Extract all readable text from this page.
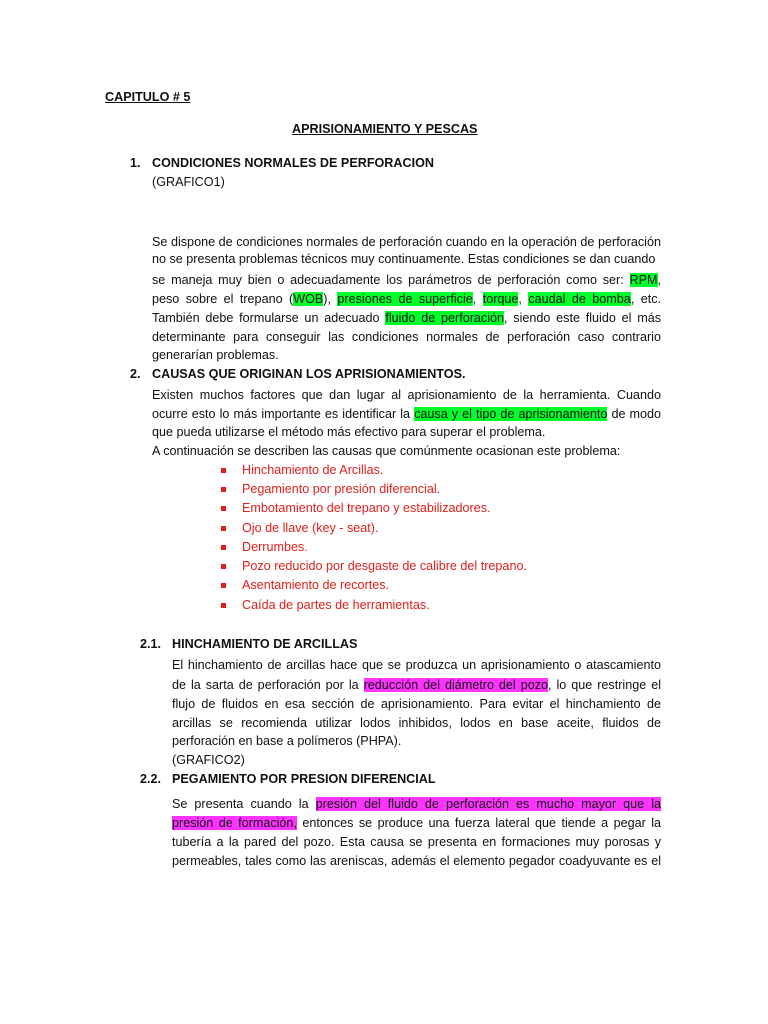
CAPITULO # 5
APRISIONAMIENTO Y PESCAS
1. CONDICIONES NORMALES DE PERFORACION
(GRAFICO1)
Se dispone de condiciones normales de perforación cuando en la operación de perforación
no se presenta problemas técnicos muy continuamente. Estas condiciones se dan cuando
se maneja muy bien o adecuadamente los parámetros de perforación como ser: RPM,
peso sobre el trepano (WOB), presiones de superficie, torque, caudal de bomba, etc.
También debe formularse un adecuado fluido de perforación, siendo este fluido el más
determinante para conseguir las condiciones normales de perforación caso contrario
generarían problemas.
2. CAUSAS QUE ORIGINAN LOS APRISIONAMIENTOS.
Existen muchos factores que dan lugar al aprisionamiento de la herramienta. Cuando
ocurre esto lo más importante es identificar la causa y el tipo de aprisionamiento de modo
que pueda utilizarse el método más efectivo para superar el problema.
A continuación se describen las causas que comúnmente ocasionan este problema:
Hinchamiento de Arcillas.
Pegamiento por presión diferencial.
Embotamiento del trepano y estabilizadores.
Ojo de llave (key - seat).
Derrumbes.
Pozo reducido por desgaste de calibre del trepano.
Asentamiento de recortes.
Caída de partes de herramientas.
2.1. HINCHAMIENTO DE ARCILLAS
El hinchamiento de arcillas hace que se produzca un aprisionamiento o atascamiento
de la sarta de perforación por la reducción del diámetro del pozo, lo que restringe el
flujo de fluidos en esa sección de aprisionamiento. Para evitar el hinchamiento de
arcillas se recomienda utilizar lodos inhibidos, lodos en base aceite, fluidos de
perforación en base a polímeros (PHPA).
(GRAFICO2)
2.2. PEGAMIENTO POR PRESION DIFERENCIAL
Se presenta cuando la presión del fluido de perforación es mucho mayor que la
presión de formación, entonces se produce una fuerza lateral que tiende a pegar la
tubería a la pared del pozo. Esta causa se presenta en formaciones muy porosas y
permeables, tales como las areniscas, además el elemento pegador coadyuvante es el
